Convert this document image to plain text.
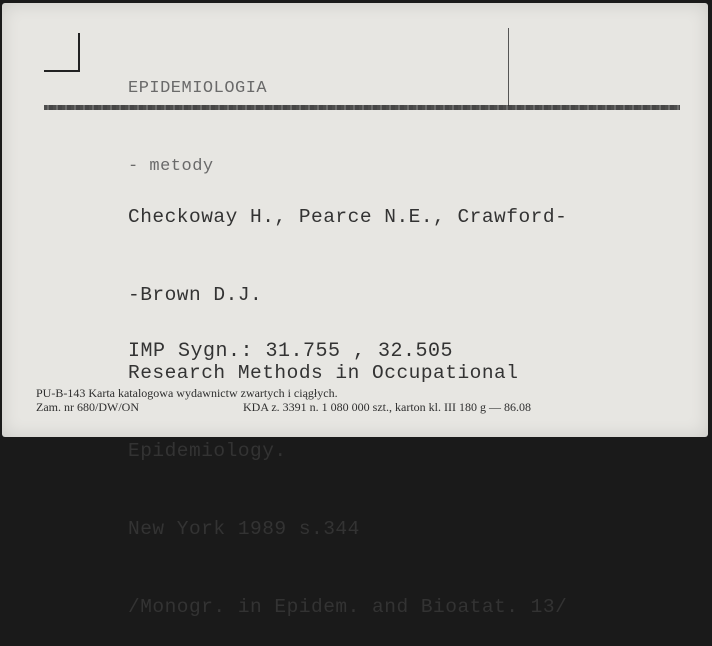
EPIDEMIOLOGIA

- metody

Checkoway H., Pearce N.E., Crawford-

-Brown D.J.

Research Methods in Occupational

Epidemiology.

New York 1989 s.344

/Monogr. in Epidem. and Bioatat. 13/

IMP Sygn.: 31.755 , 32.505
PU-B-143 Karta katalogowa wydawnictw zwartych i ciągłych.
Zam. nr 680/DW/ON	KDA z. 3391 n. 1 080 000 szt., karton kl. III 180 g — 86.08
